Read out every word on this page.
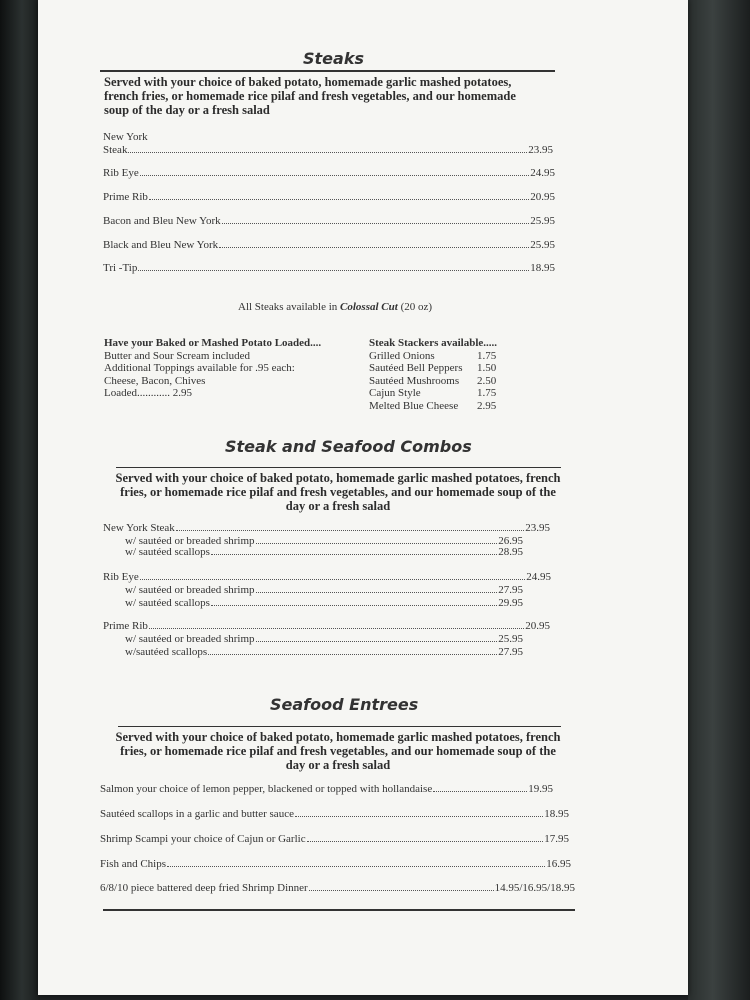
Steaks
Served with your choice of baked potato, homemade garlic mashed potatoes, french fries, or homemade rice pilaf and fresh vegetables, and our homemade soup of the day or a fresh salad
New York
Steak	23.95
Rib Eye	24.95
Prime Rib	20.95
Bacon and Bleu New York	25.95
Black and Bleu New York	25.95
Tri -Tip	18.95
All Steaks available in Colossal Cut (20 oz)
Have your Baked or Mashed Potato Loaded....
Butter and Sour Scream included
Additional Toppings available for .95 each:
Cheese, Bacon, Chives
Loaded............ 2.95
Steak Stackers available.....
Grilled Onions	1.75
Sautéed Bell Peppers	1.50
Sautéed Mushrooms	2.50
Cajun Style	1.75
Melted Blue Cheese	2.95
Steak and Seafood Combos
Served with your choice of baked potato, homemade garlic mashed potatoes, french fries, or homemade rice pilaf and fresh vegetables, and our homemade soup of the day or a fresh salad
New York Steak	23.95
w/ sautéed or breaded shrimp	26.95
w/ sautéed scallops	28.95
Rib Eye	24.95
w/ sautéed or breaded shrimp	27.95
w/ sautéed scallops	29.95
Prime Rib	20.95
w/ sautéed or breaded shrimp	25.95
w/sautéed scallops	27.95
Seafood Entrees
Served with your choice of baked potato, homemade garlic mashed potatoes, french fries, or homemade rice pilaf and fresh vegetables, and our homemade soup of the day or a fresh salad
Salmon your choice of lemon pepper, blackened or topped with hollandaise	19.95
Sautéed scallops in a garlic and butter sauce	18.95
Shrimp Scampi your choice of Cajun or Garlic	17.95
Fish and Chips	16.95
6/8/10 piece battered deep fried Shrimp Dinner	14.95/16.95/18.95
